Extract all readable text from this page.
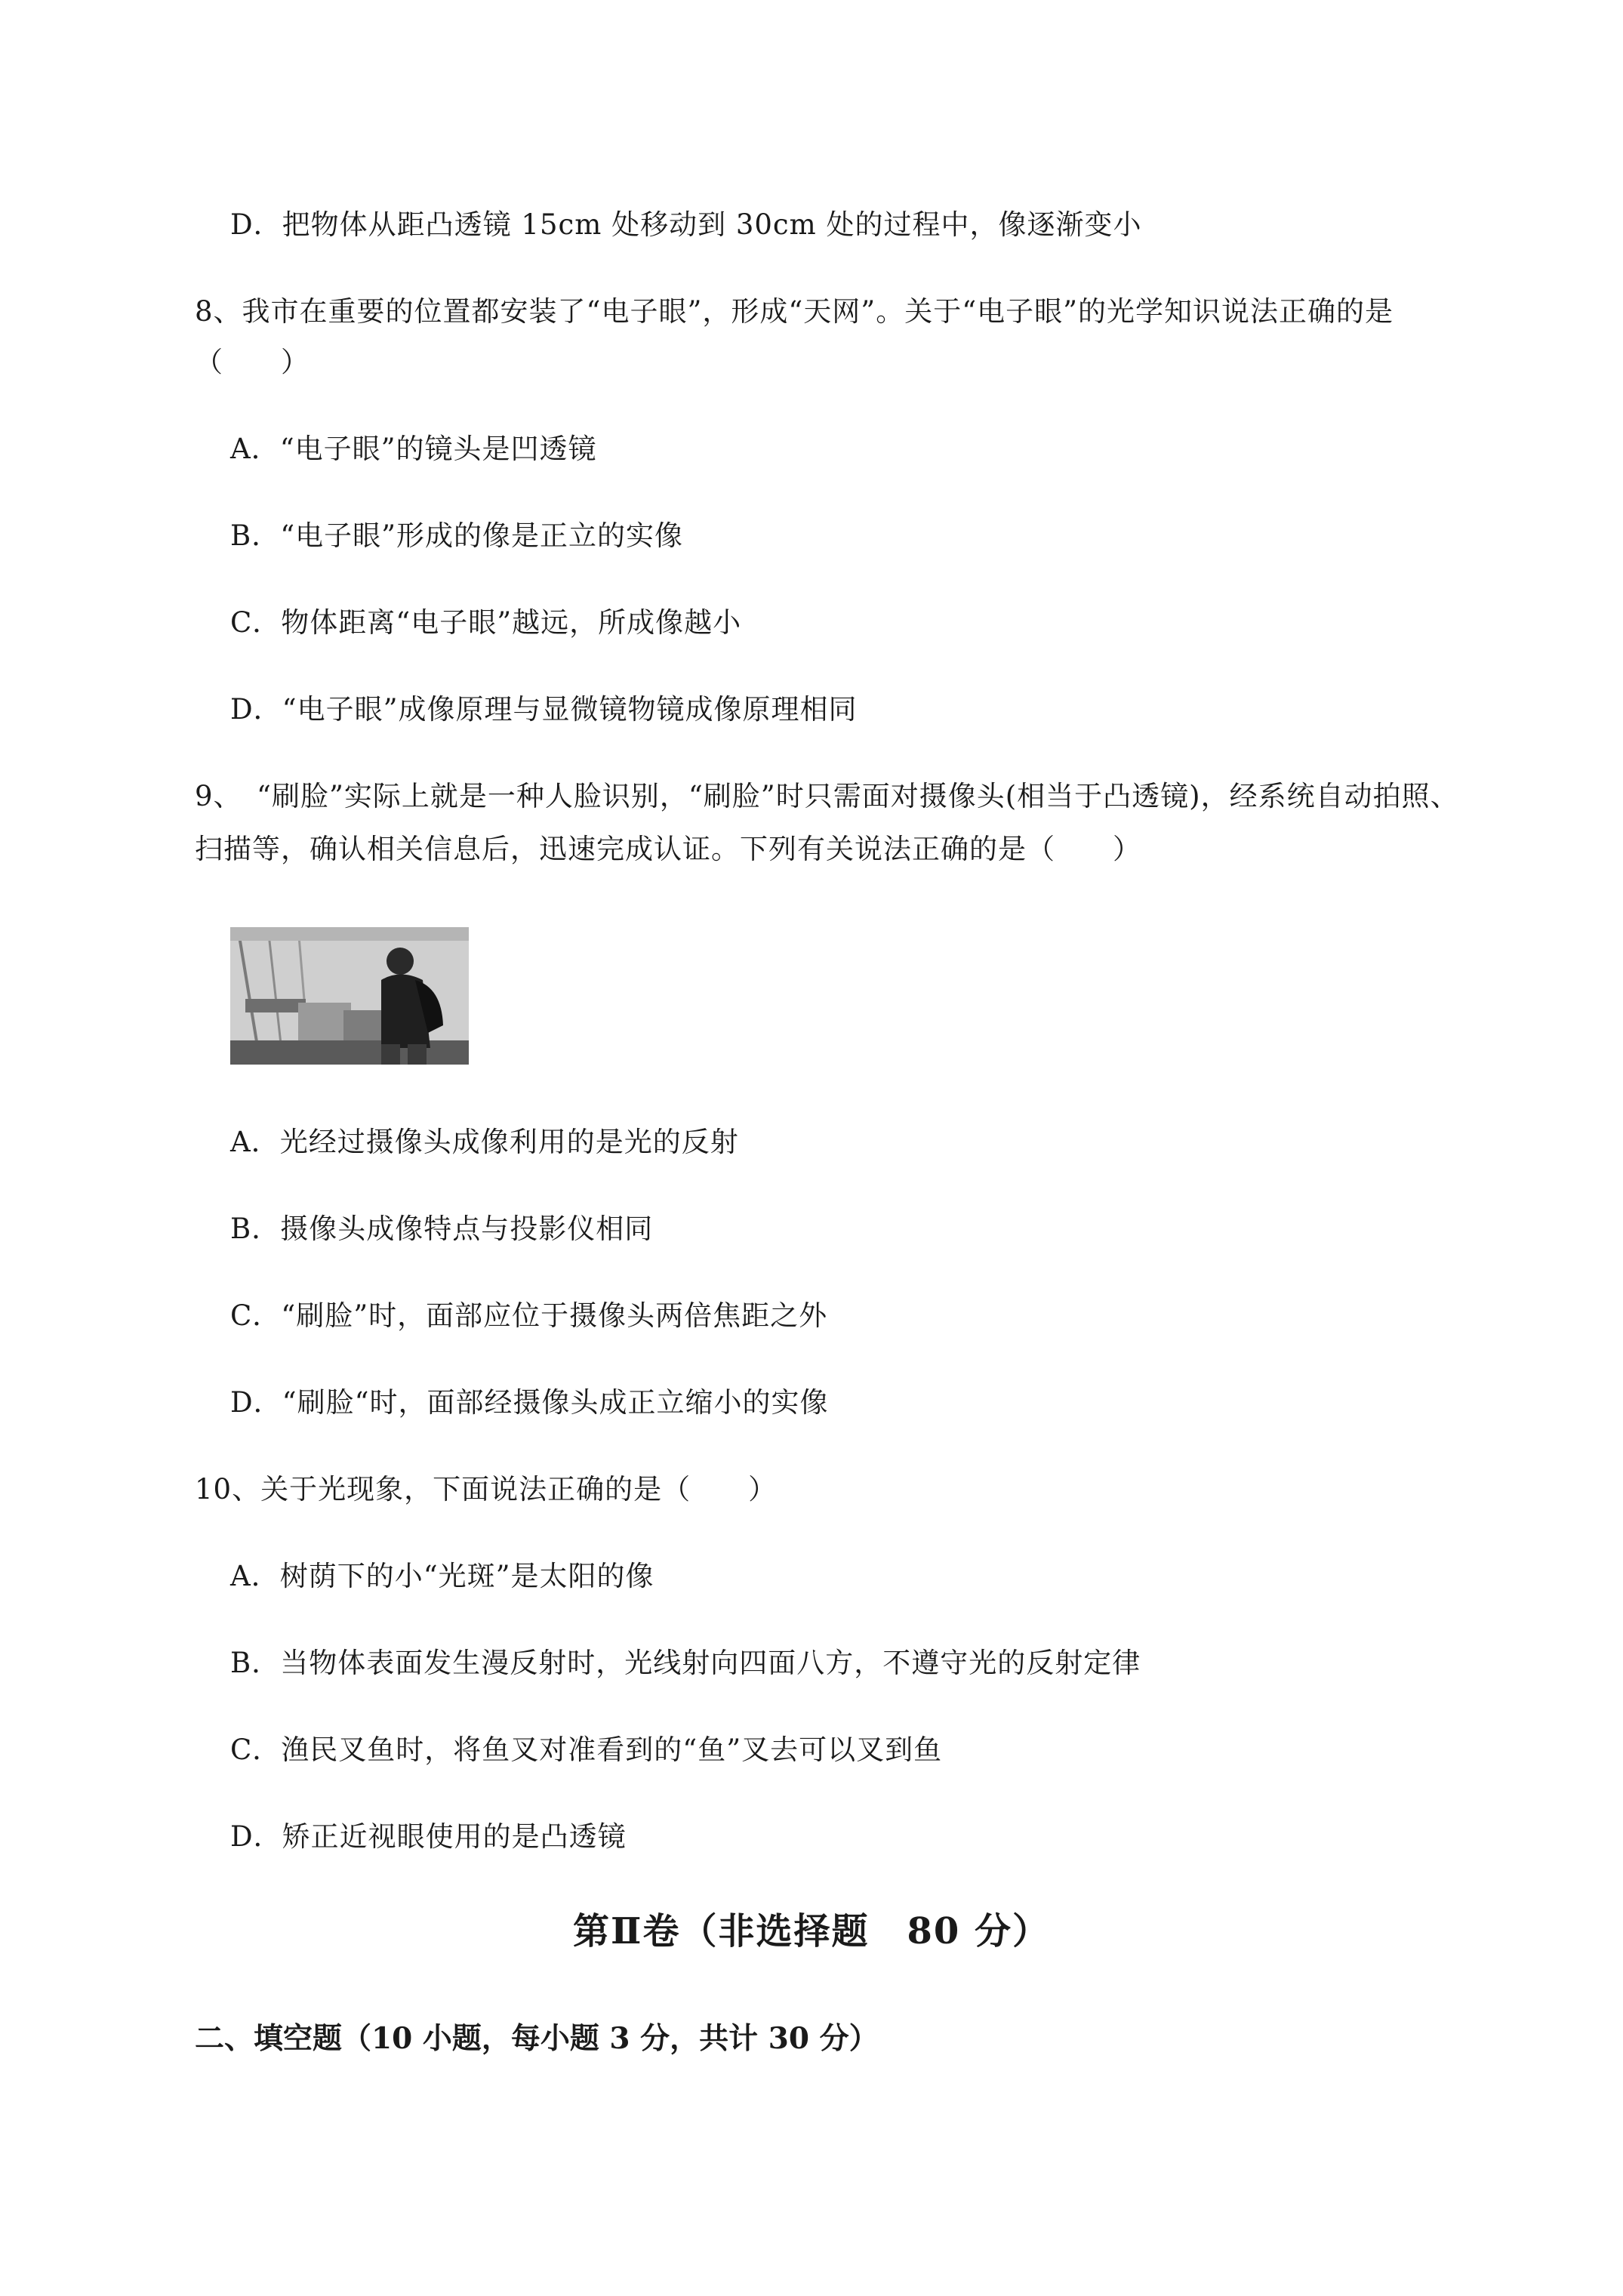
D．把物体从距凸透镜 15cm 处移动到 30cm 处的过程中，像逐渐变小
8、我市在重要的位置都安装了“电子眼”，形成“天网”。关于“电子眼”的光学知识说法正确的是
（　　）
A．“电子眼”的镜头是凹透镜
B．“电子眼”形成的像是正立的实像
C．物体距离“电子眼”越远，所成像越小
D．“电子眼”成像原理与显微镜物镜成像原理相同
9、　“刷脸”实际上就是一种人脸识别，“刷脸”时只需面对摄像头(相当于凸透镜)，经系统自动拍照、
扫描等，确认相关信息后，迅速完成认证。下列有关说法正确的是（　　）
A．光经过摄像头成像利用的是光的反射
B．摄像头成像特点与投影仪相同
C．“刷脸”时，面部应位于摄像头两倍焦距之外
D．“刷脸“时，面部经摄像头成正立缩小的实像
10、关于光现象，下面说法正确的是（　　）
A．树荫下的小“光斑”是太阳的像
B．当物体表面发生漫反射时，光线射向四面八方，不遵守光的反射定律
C．渔民叉鱼时，将鱼叉对准看到的“鱼”叉去可以叉到鱼
D．矫正近视眼使用的是凸透镜
第Ⅱ卷（非选择题　80 分）
二、填空题（10 小题，每小题 3 分，共计 30 分）
